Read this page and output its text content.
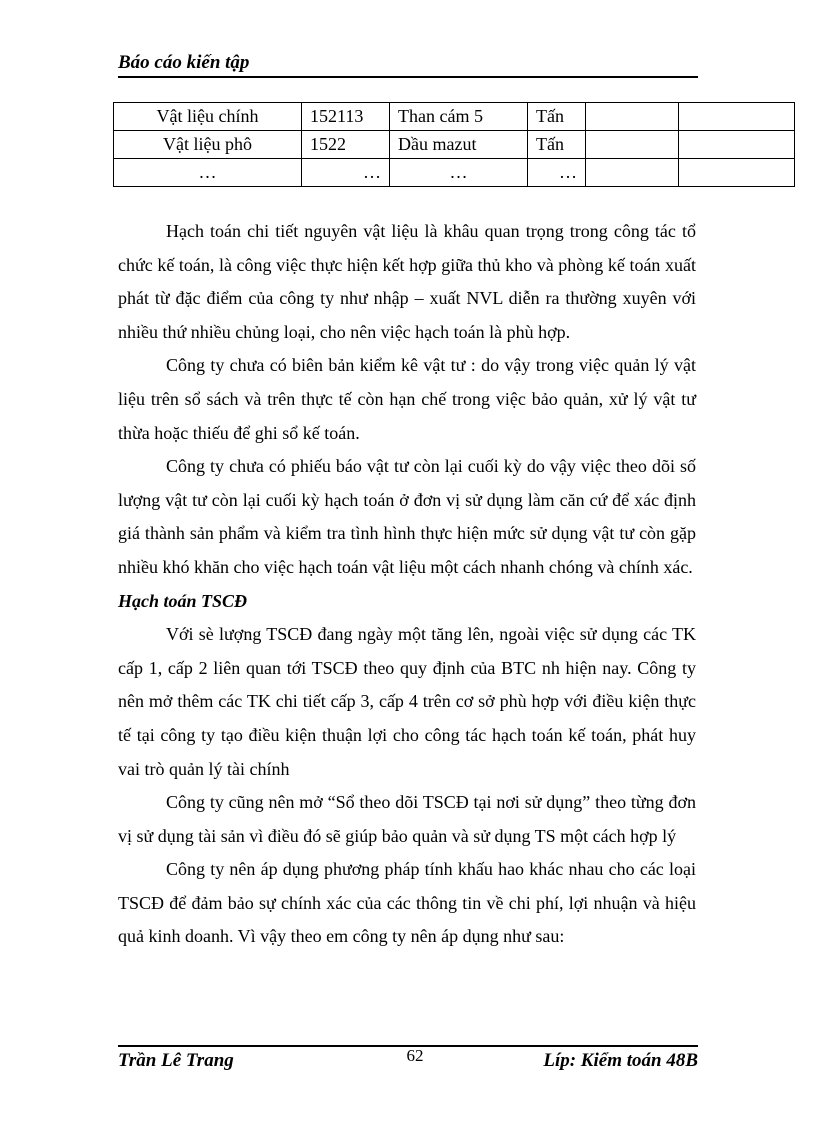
Báo cáo kiến tập
Vật liệu chính	152113	Than cám 5	Tấn		
Vật liệu phô	1522	Dầu mazut	Tấn		
…	…	…	…		

Hạch toán chi tiết nguyên vật liệu là khâu quan trọng trong công tác tổ chức kế toán, là công việc thực hiện kết hợp giữa thủ kho và phòng kế toán xuất phát từ đặc điểm của công ty như nhập – xuất NVL diễn ra thường xuyên với nhiều thứ nhiều chủng loại, cho nên việc hạch toán là phù hợp.

Công ty chưa có biên bản kiểm kê vật tư : do vậy trong việc quản lý vật liệu trên sổ sách và trên thực tế còn hạn chế trong việc bảo quản, xử lý vật tư thừa hoặc thiếu để ghi sổ kế toán.

Công ty chưa có phiếu báo vật tư còn lại cuối kỳ do vậy việc theo dõi số lượng vật tư còn lại cuối kỳ hạch toán ở đơn vị sử dụng làm căn cứ để xác định giá thành sản phẩm và kiểm tra tình hình thực hiện mức sử dụng vật tư còn gặp nhiều khó khăn cho việc hạch toán vật liệu một cách nhanh chóng và chính xác.

Hạch toán TSCĐ

Với sè lượng TSCĐ đang ngày một tăng lên, ngoài việc sử dụng các TK cấp 1, cấp 2 liên quan tới TSCĐ theo quy định của BTC nh hiện nay. Công ty nên mở thêm các TK chi tiết cấp 3, cấp 4 trên cơ sở phù hợp với điều kiện thực tế tại công ty tạo điều kiện thuận lợi cho công tác hạch toán kế toán, phát huy vai trò quản lý tài chính

Công ty cũng nên mở “Sổ theo dõi TSCĐ tại nơi sử dụng” theo từng đơn vị sử dụng tài sản vì điều đó sẽ giúp bảo quản và sử dụng TS một cách hợp lý

Công ty nên áp dụng phương pháp tính khấu hao khác nhau cho các loại TSCĐ để đảm bảo sự chính xác của các thông tin về chi phí, lợi nhuận và hiệu quả kinh doanh. Vì vậy theo em công ty nên áp dụng như sau:

Trần Lê Trang	62	Líp: Kiểm toán 48B
